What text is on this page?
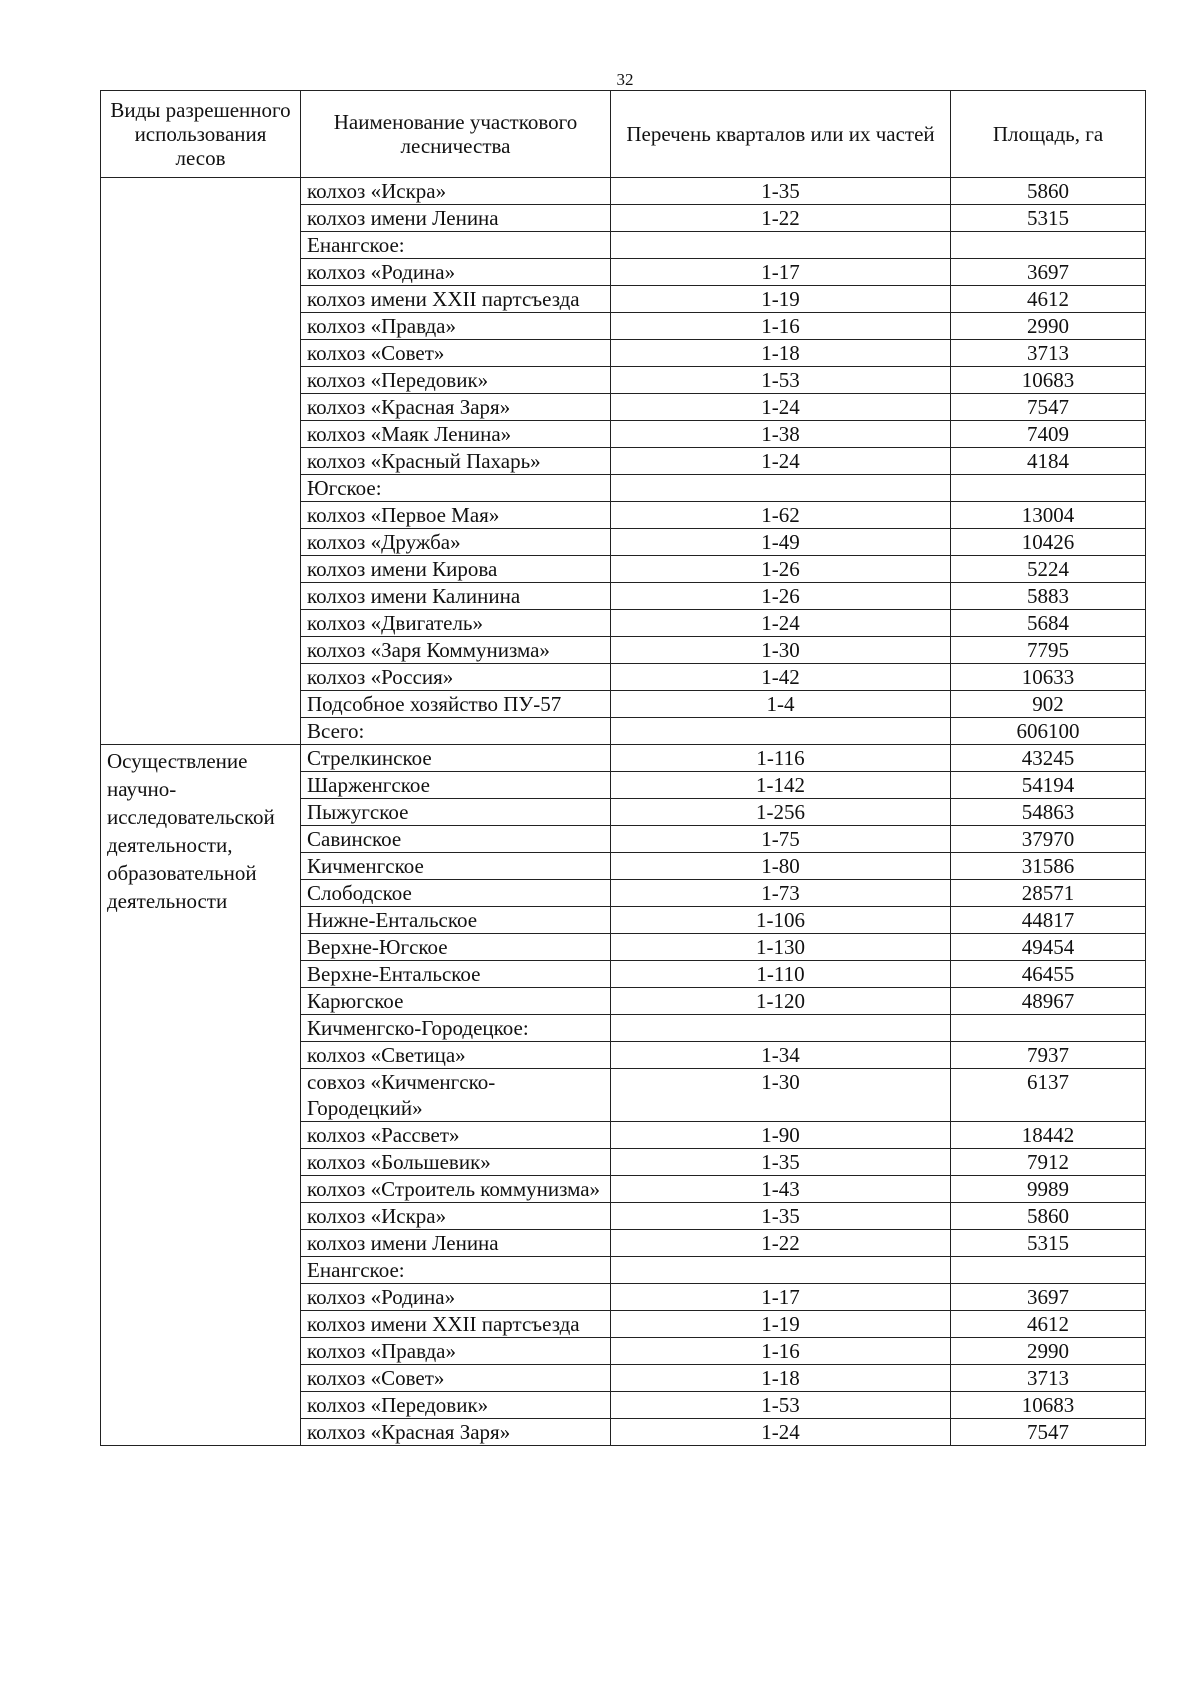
32
Виды разрешенного использования лесов	Наименование участкового лесничества	Перечень кварталов или их частей	Площадь, га
	колхоз «Искра»	1-35	5860
	колхоз имени Ленина	1-22	5315
	Енангское:		
	колхоз «Родина»	1-17	3697
	колхоз имени XXII партсъезда	1-19	4612
	колхоз «Правда»	1-16	2990
	колхоз «Совет»	1-18	3713
	колхоз «Передовик»	1-53	10683
	колхоз «Красная Заря»	1-24	7547
	колхоз «Маяк Ленина»	1-38	7409
	колхоз «Красный Пахарь»	1-24	4184
	Югское:		
	колхоз «Первое Мая»	1-62	13004
	колхоз «Дружба»	1-49	10426
	колхоз имени Кирова	1-26	5224
	колхоз имени Калинина	1-26	5883
	колхоз «Двигатель»	1-24	5684
	колхоз «Заря Коммунизма»	1-30	7795
	колхоз «Россия»	1-42	10633
	Подсобное хозяйство ПУ-57	1-4	902
	Всего:		606100
Осуществление научно-исследовательской деятельности, образовательной деятельности	Стрелкинское	1-116	43245
	Шарженгское	1-142	54194
	Пыжугское	1-256	54863
	Савинское	1-75	37970
	Кичменгское	1-80	31586
	Слободское	1-73	28571
	Нижне-Ентальское	1-106	44817
	Верхне-Югское	1-130	49454
	Верхне-Ентальское	1-110	46455
	Карюгское	1-120	48967
	Кичменгско-Городецкое:		
	колхоз «Светица»	1-34	7937
	совхоз «Кичменгско-Городецкий»	1-30	6137
	колхоз «Рассвет»	1-90	18442
	колхоз «Большевик»	1-35	7912
	колхоз «Строитель коммунизма»	1-43	9989
	колхоз «Искра»	1-35	5860
	колхоз имени Ленина	1-22	5315
	Енангское:		
	колхоз «Родина»	1-17	3697
	колхоз имени XXII партсъезда	1-19	4612
	колхоз «Правда»	1-16	2990
	колхоз «Совет»	1-18	3713
	колхоз «Передовик»	1-53	10683
	колхоз «Красная Заря»	1-24	7547
